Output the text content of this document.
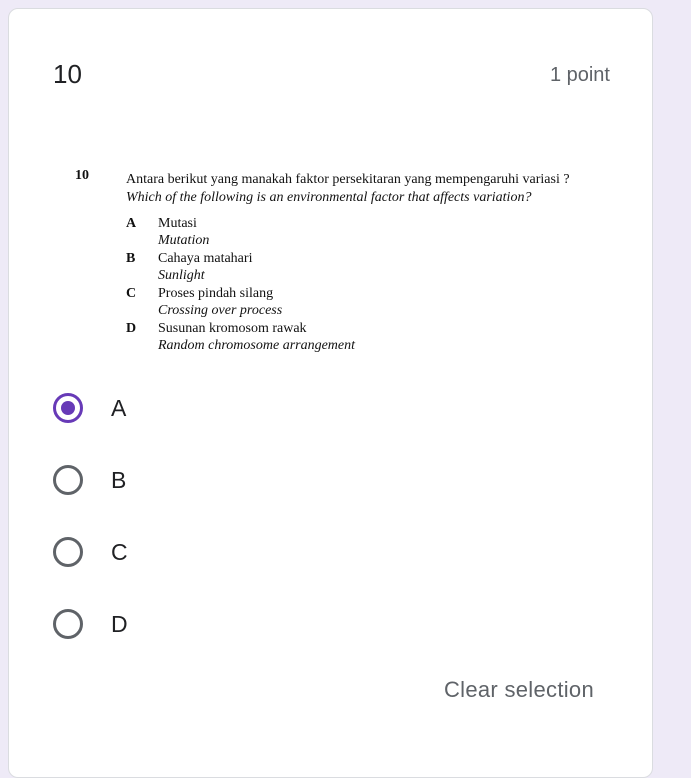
10	1 point
10	Antara berikut yang manakah faktor persekitaran yang mempengaruhi variasi ?
Which of the following is an environmental factor that affects variation?
A Mutasi
Mutation
B Cahaya matahari
Sunlight
C Proses pindah silang
Crossing over process
D Susunan kromosom rawak
Random chromosome arrangement
A
B
C
D
Clear selection
